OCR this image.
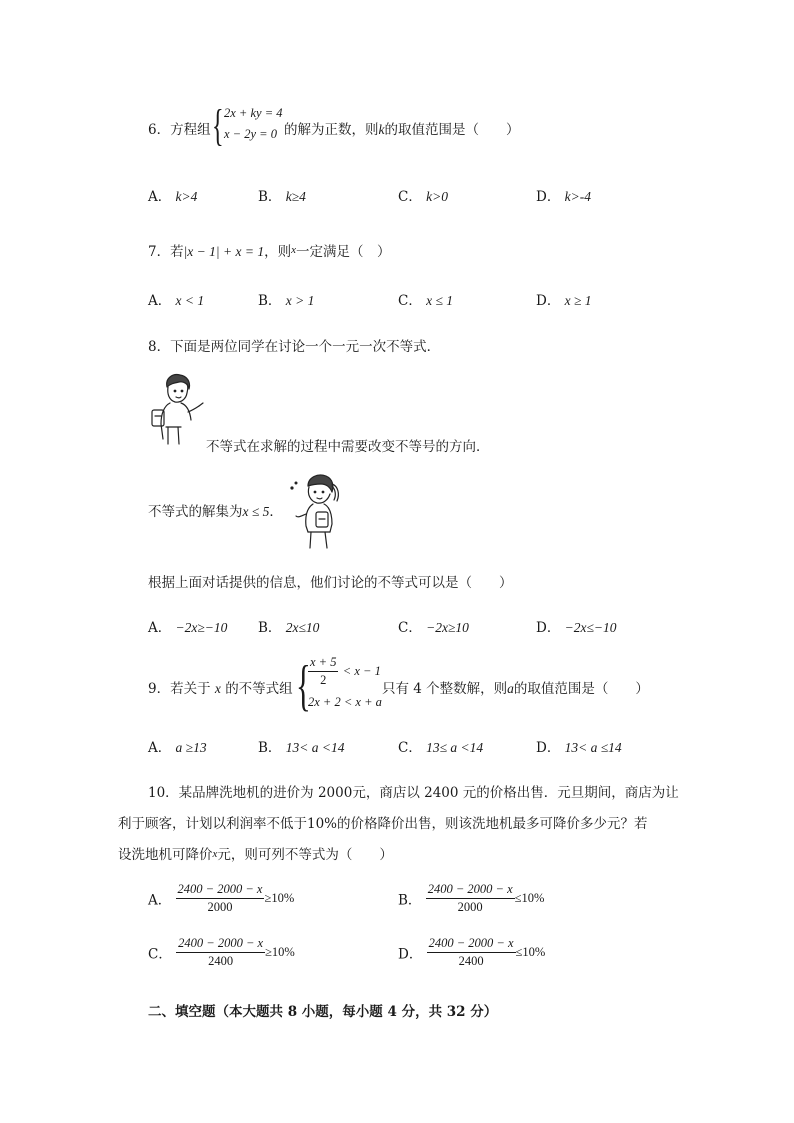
6．方程组 { 2x + ky = 4
x − 2y = 0 的解为正数，则k的取值范围是（　　）
A． k>4	B． k≥4	C． k>0	D． k>-4
7．若|x − 1| + x = 1，则$^x$一定满足（　）
A． x < 1	B． x > 1	C． x ≤ 1	D． x ≥ 1
8．下面是两位同学在讨论一个一元一次不等式．
不等式在求解的过程中需要改变不等号的方向．
不等式的解集为x ≤ 5．
根据上面对话提供的信息，他们讨论的不等式可以是（　　）
A． −2x≥−10 B． 2x≤10	C． −2x≥10	D． −2x≤−10
9．若关于 x 的不等式组 {
$\frac{x + 5}{2} < x - 1$
2x + 2 < x + a
只有 4 个整数解，则a的取值范围是（　　）
A． a ≥13	B． 13< a <14	C． 13≤ a <14	D． 13< a ≤14
10．某品牌洗地机的进价为 2000元，商店以 2400 元的价格出售．元旦期间，商店为让
利于顾客，计划以利润率不低于10%的价格降价出售，则该洗地机最多可降价多少元？若
设洗地机可降价x元，则可列不等式为（　　）
A． $\frac{2400 - 2000 - x}{2000} \ge 10\%$	B． $\frac{2400 - 2000 - x}{2000} \le 10\%$
C． $\frac{2400 - 2000 - x}{2400} \ge 10\%$	D． $\frac{2400 - 2000 - x}{2400} \le 10\%$
二、填空题（本大题共 8 小题，每小题 4 分，共 32 分）
